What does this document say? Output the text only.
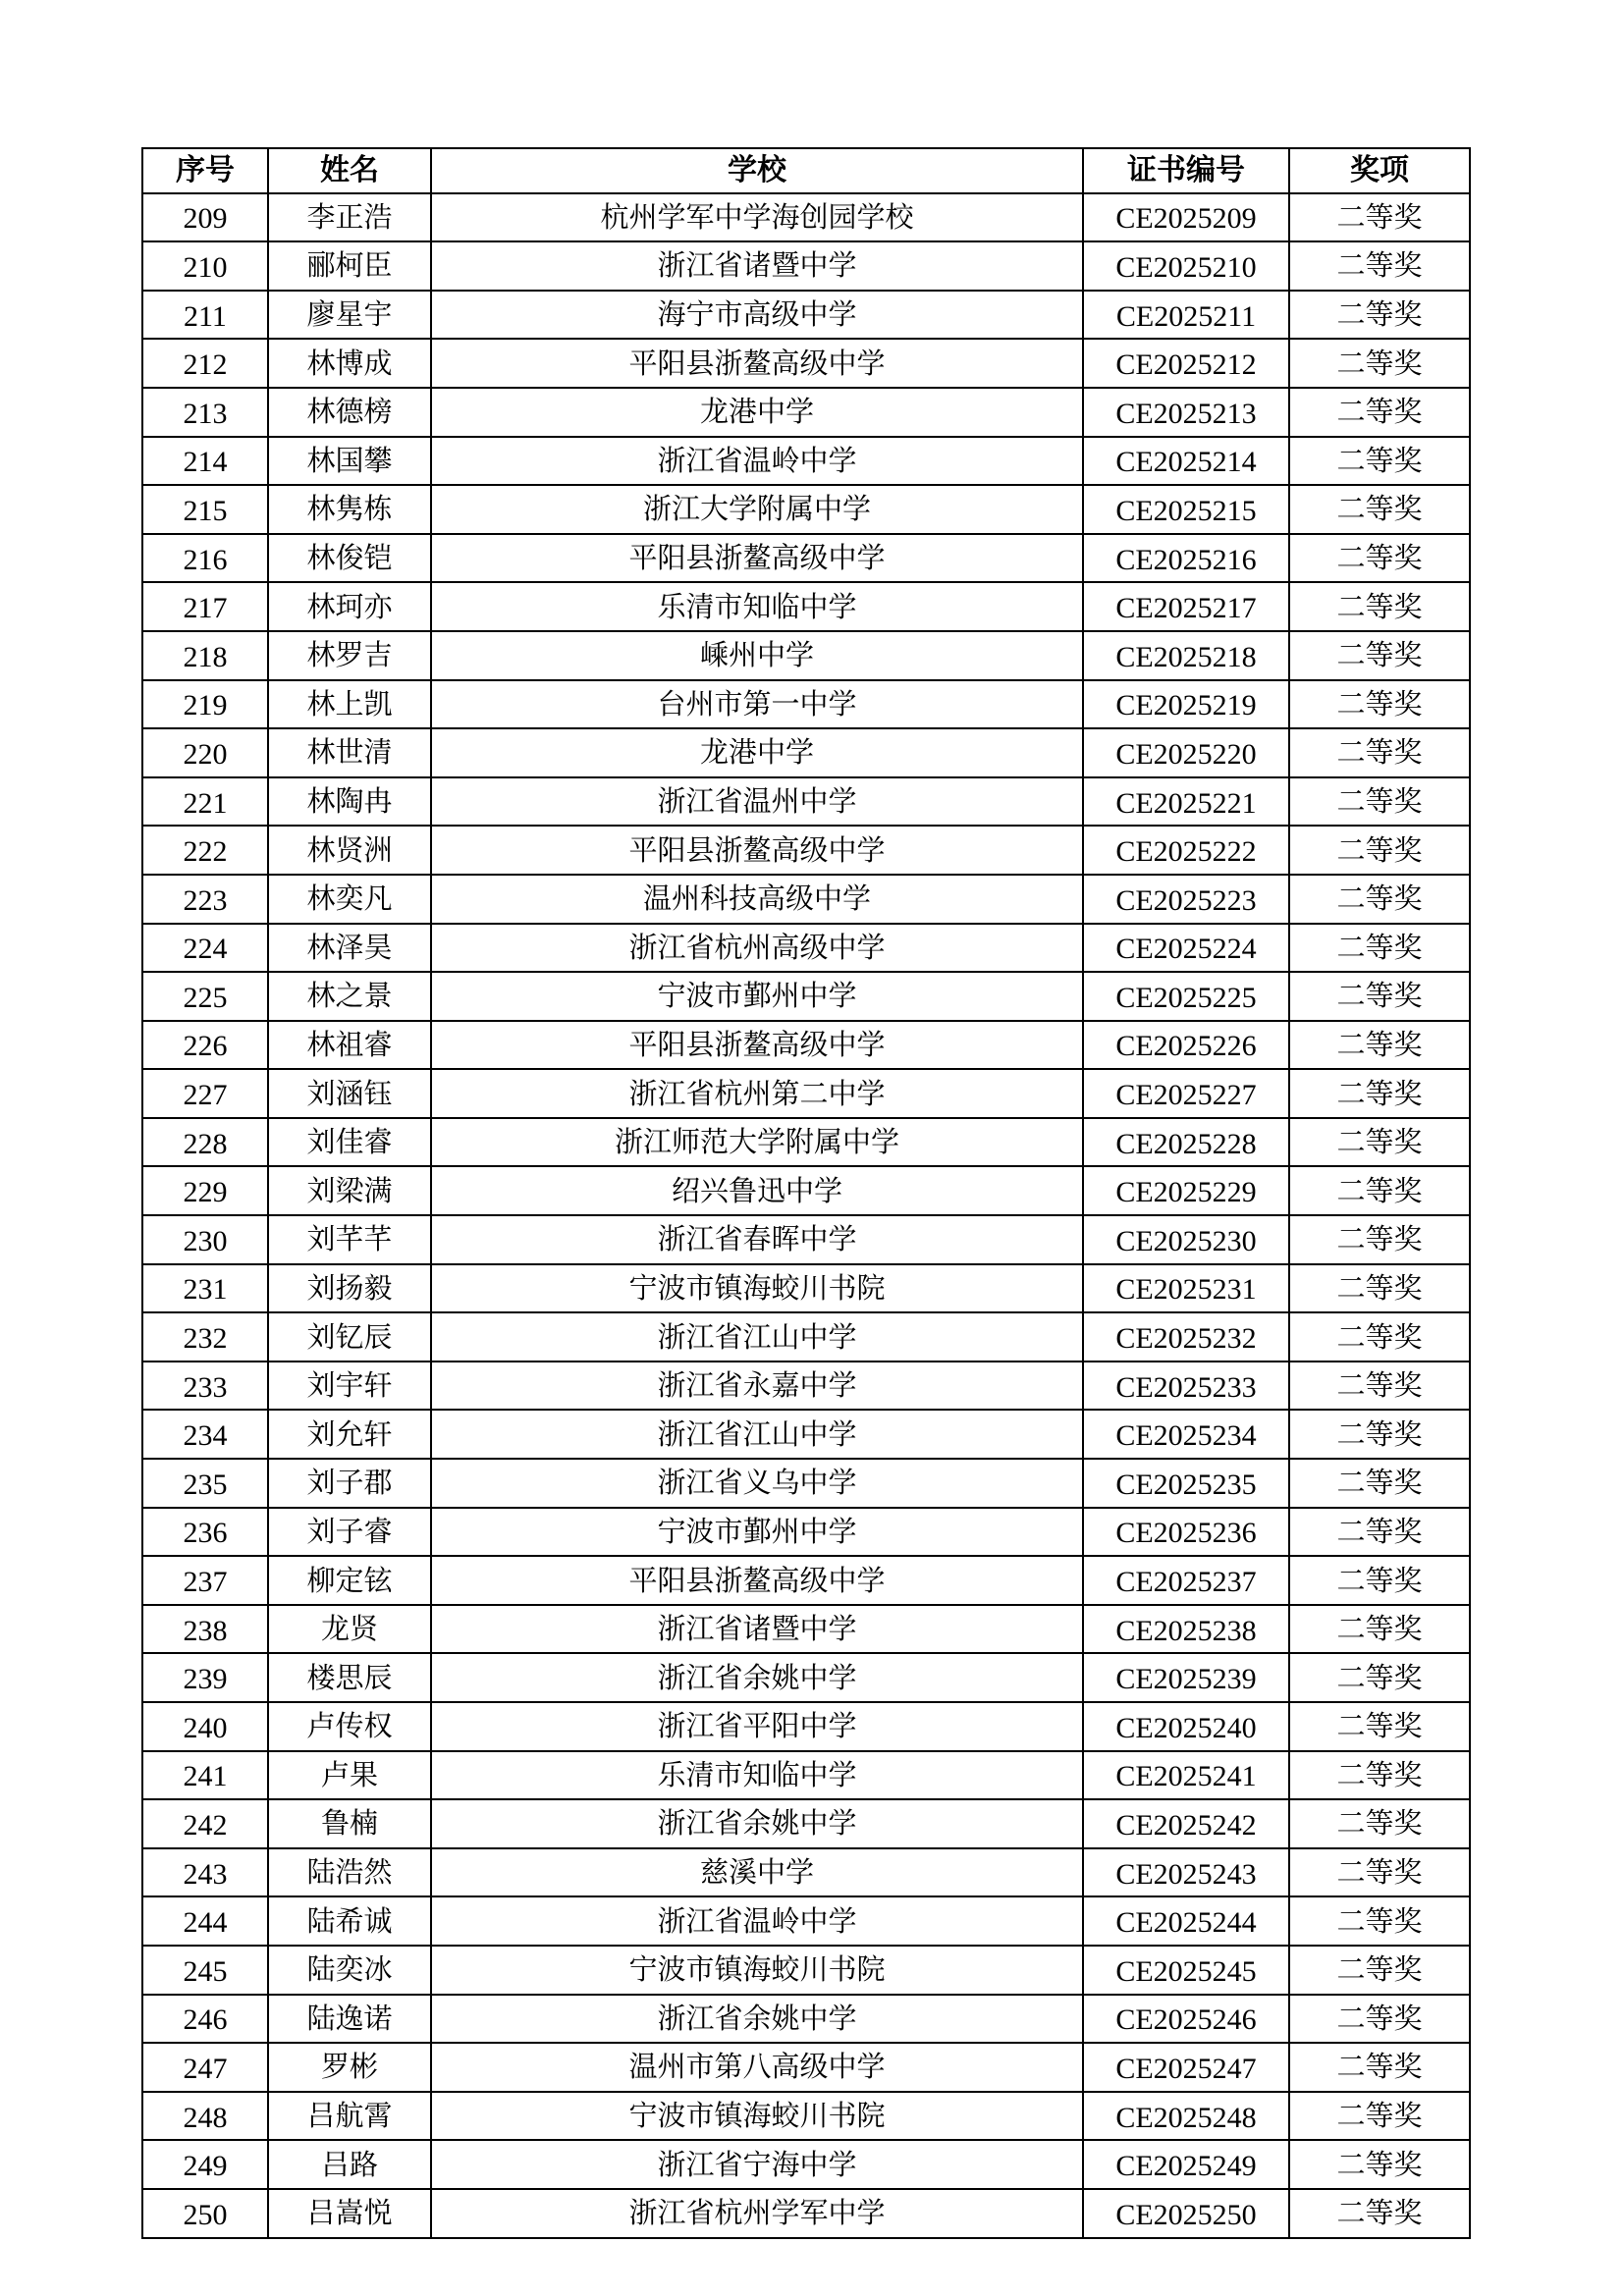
序号	姓名	学校	证书编号	奖项
209	李正浩	杭州学军中学海创园学校	CE2025209	二等奖
210	郦柯臣	浙江省诸暨中学	CE2025210	二等奖
211	廖星宇	海宁市高级中学	CE2025211	二等奖
212	林博成	平阳县浙鳌高级中学	CE2025212	二等奖
213	林德榜	龙港中学	CE2025213	二等奖
214	林国攀	浙江省温岭中学	CE2025214	二等奖
215	林隽栋	浙江大学附属中学	CE2025215	二等奖
216	林俊铠	平阳县浙鳌高级中学	CE2025216	二等奖
217	林珂亦	乐清市知临中学	CE2025217	二等奖
218	林罗吉	嵊州中学	CE2025218	二等奖
219	林上凯	台州市第一中学	CE2025219	二等奖
220	林世清	龙港中学	CE2025220	二等奖
221	林陶冉	浙江省温州中学	CE2025221	二等奖
222	林贤洲	平阳县浙鳌高级中学	CE2025222	二等奖
223	林奕凡	温州科技高级中学	CE2025223	二等奖
224	林泽昊	浙江省杭州高级中学	CE2025224	二等奖
225	林之景	宁波市鄞州中学	CE2025225	二等奖
226	林祖睿	平阳县浙鳌高级中学	CE2025226	二等奖
227	刘涵钰	浙江省杭州第二中学	CE2025227	二等奖
228	刘佳睿	浙江师范大学附属中学	CE2025228	二等奖
229	刘梁满	绍兴鲁迅中学	CE2025229	二等奖
230	刘芊芊	浙江省春晖中学	CE2025230	二等奖
231	刘扬毅	宁波市镇海蛟川书院	CE2025231	二等奖
232	刘钇辰	浙江省江山中学	CE2025232	二等奖
233	刘宇轩	浙江省永嘉中学	CE2025233	二等奖
234	刘允轩	浙江省江山中学	CE2025234	二等奖
235	刘子郡	浙江省义乌中学	CE2025235	二等奖
236	刘子睿	宁波市鄞州中学	CE2025236	二等奖
237	柳定铉	平阳县浙鳌高级中学	CE2025237	二等奖
238	龙贤	浙江省诸暨中学	CE2025238	二等奖
239	楼思辰	浙江省余姚中学	CE2025239	二等奖
240	卢传权	浙江省平阳中学	CE2025240	二等奖
241	卢果	乐清市知临中学	CE2025241	二等奖
242	鲁楠	浙江省余姚中学	CE2025242	二等奖
243	陆浩然	慈溪中学	CE2025243	二等奖
244	陆希诚	浙江省温岭中学	CE2025244	二等奖
245	陆奕冰	宁波市镇海蛟川书院	CE2025245	二等奖
246	陆逸诺	浙江省余姚中学	CE2025246	二等奖
247	罗彬	温州市第八高级中学	CE2025247	二等奖
248	吕航霄	宁波市镇海蛟川书院	CE2025248	二等奖
249	吕路	浙江省宁海中学	CE2025249	二等奖
250	吕嵩悦	浙江省杭州学军中学	CE2025250	二等奖
